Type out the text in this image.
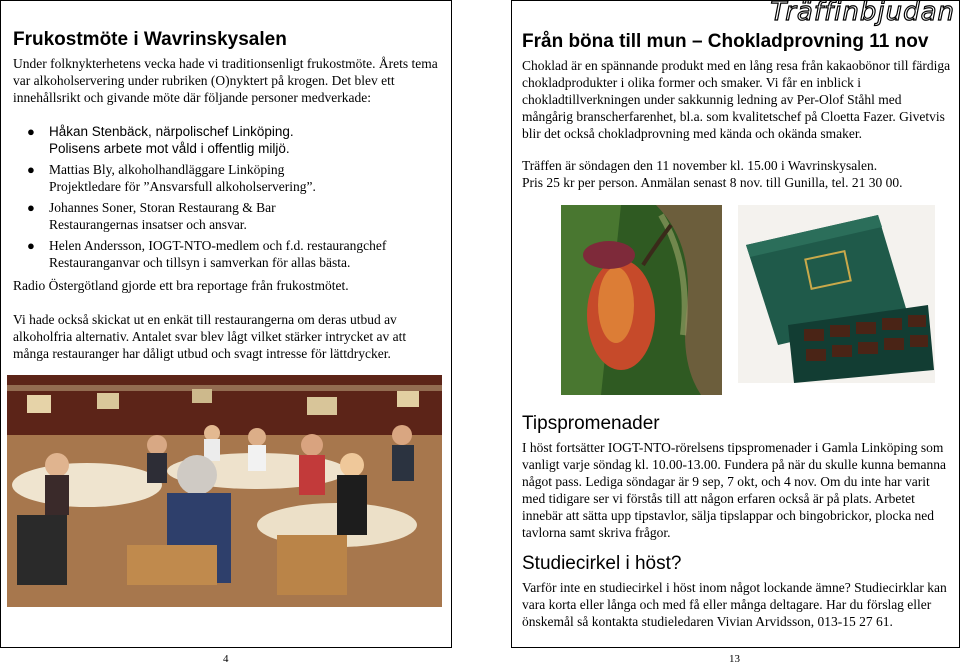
Frukostmöte i Wavrinskysalen

Under folknykterhetens vecka hade vi traditionsenligt frukostmöte. Årets tema var alkoholservering under rubriken (O)nyktert på krogen. Det blev ett innehållsrikt och givande möte där följande personer medverkade:

● Håkan Stenbäck, närpolischef Linköping.
Polisens arbete mot våld i offentlig miljö.
● Mattias Bly, alkoholhandläggare Linköping
Projektledare för ”Ansvarsfull alkoholservering”.
● Johannes Soner, Storan Restaurang & Bar
Restaurangernas insatser och ansvar.
● Helen Andersson, IOGT-NTO-medlem och f.d. restaurangchef
Restauranganvar och tillsyn i samverkan för allas bästa.

Radio Östergötland gjorde ett bra reportage från frukostmötet.

Vi hade också skickat ut en enkät till restaurangerna om deras utbud av alkoholfria alternativ. Antalet svar blev lågt vilket stärker intrycket av att många restauranger har dåligt utbud och svagt intresse för lättdrycker.

4
Träffinbjudan
Från böna till mun – Chokladprovning 11 nov

Choklad är en spännande produkt med en lång resa från kakaobönor till färdiga chokladprodukter i olika former och smaker. Vi får en inblick i chokladtillverkningen under sakkunnig ledning av Per-Olof Ståhl med mångårig branscherfarenhet, bl.a. som kvalitetschef på Cloetta Fazer. Givetvis blir det också chokladprovning med kända och okända smaker.

Träffen är söndagen den 11 november kl. 15.00 i Wavrinskysalen.

Pris 25 kr per person. Anmälan senast 8 nov. till Gunilla, tel. 21 30 00.

Tipspromenader

I höst fortsätter IOGT-NTO-rörelsens tipspromenader i Gamla Linköping som vanligt varje söndag kl. 10.00-13.00. Fundera på när du skulle kunna bemanna något pass. Lediga söndagar är 9 sep, 7 okt, och 4 nov. Om du inte har varit med tidigare ser vi förstås till att någon erfaren också är på plats. Arbetet innebär att sätta upp tipstavlor, sälja tipslappar och bingobrickor, plocka ned tavlorna samt skriva frågor.

Studiecirkel i höst?

Varför inte en studiecirkel i höst inom något lockande ämne? Studiecirklar kan vara korta eller långa och med få eller många deltagare. Har du förslag eller önskemål så kontakta studieledaren Vivian Arvidsson, 013-15 27 61.

13
